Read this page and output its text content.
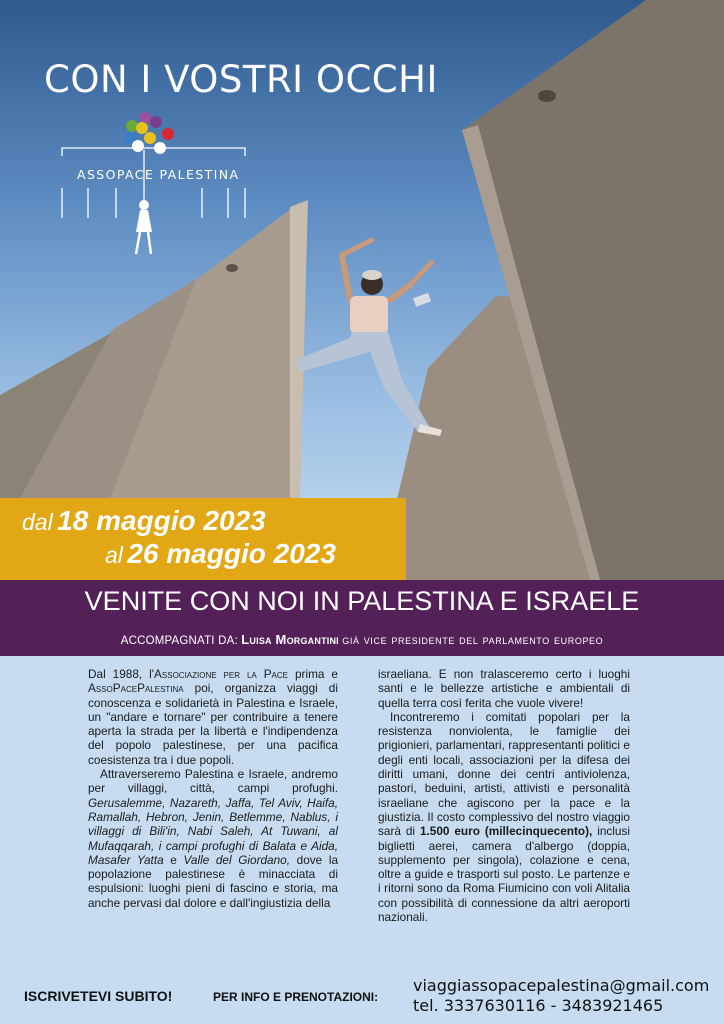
CON I VOSTRI OCCHI
ASSOPACE PALESTINA
dal 18 maggio 2023
al 26 maggio 2023
VENITE CON NOI IN PALESTINA E ISRAELE
ACCOMPAGNATI DA: Luisa Morgantini già vice presidente del parlamento europeo

Dal 1988, l'Associazione per la Pace prima e AssoPacePalestina poi, organizza viaggi di conoscenza e solidarietà in Palestina e Israele, un "andare e tornare" per contribuire a tenere aperta la strada per la libertà e l'indipendenza del popolo palestinese, per una pacifica coesistenza tra i due popoli.

Attraverseremo Palestina e Israele, andremo per villaggi, città, campi profughi. Gerusalemme, Nazareth, Jaffa, Tel Aviv, Haifa, Ramallah, Hebron, Jenin, Betlemme, Nablus, i villaggi di Bili'in, Nabi Saleh, At Tuwani, al Mufaqqarah, i campi profughi di Balata e Aida, Masafer Yatta e Valle del Giordano, dove la popolazione palestinese è minacciata di espulsioni: luoghi pieni di fascino e storia, ma anche pervasi dal dolore e dall'ingiustizia della

israeliana. E non tralasceremo certo i luoghi santi e le bellezze artistiche e ambientali di quella terra così ferita che vuole vivere!

Incontreremo i comitati popolari per la resistenza nonviolenta, le famiglie dei prigionieri, parlamentari, rappresentanti politici e degli enti locali, associazioni per la difesa dei diritti umani, donne dei centri antiviolenza, pastori, beduini, artisti, attivisti e personalità israeliane che agiscono per la pace e la giustizia. Il costo complessivo del nostro viaggio sarà di 1.500 euro (millecinquecento), inclusi biglietti aerei, camera d'albergo (doppia, supplemento per singola), colazione e cena, oltre a guide e trasporti sul posto. Le partenze e i ritorni sono da Roma Fiumicino con voli Alitalia con possibilità di connessione da altri aeroporti nazionali.

ISCRIVETEVI SUBITO!	PER INFO E PRENOTAZIONI:
viaggiassopacepalestina@gmail.com
tel. 3337630116 - 3483921465
